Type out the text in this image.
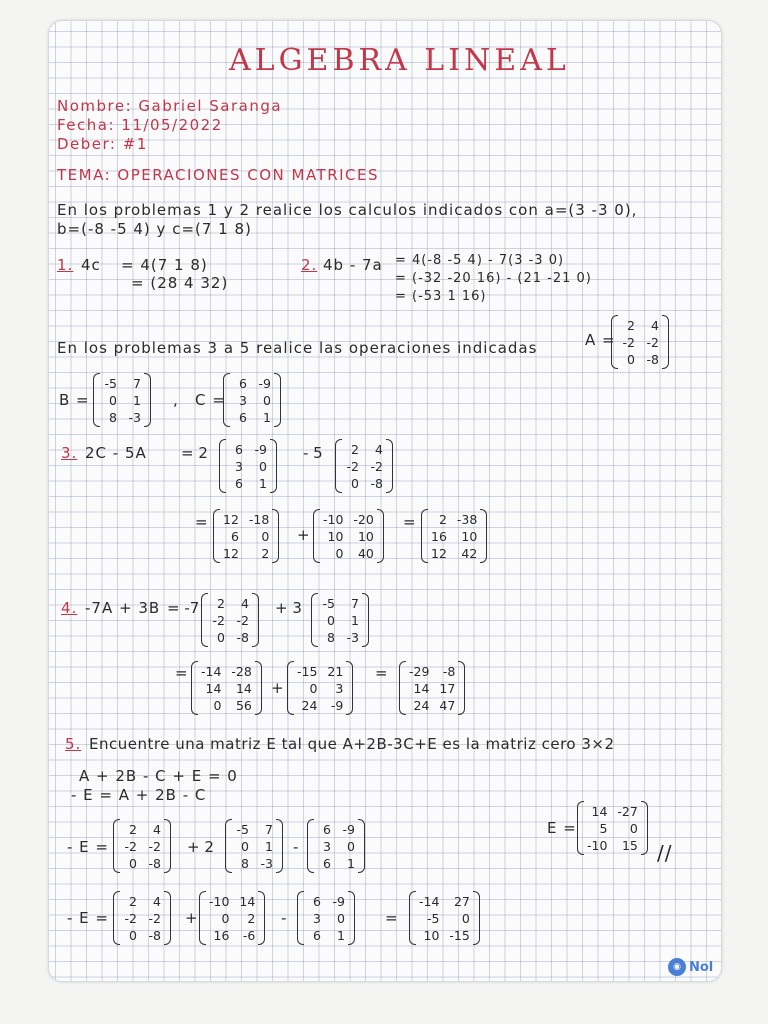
ALGEBRA LINEAL
Nombre: Gabriel Saranga
Fecha: 11/05/2022
Deber: #1
TEMA: OPERACIONES CON MATRICES
En los problemas 1 y 2 realice los calculos indicados con a=(3 -3 0),
b=(-8 -5 4) y c=(7 1 8)
1. 4c = 4(7 1 8)
= (28 4 32)
2. 4b - 7a = 4(-8 -5 4) - 7(3 -3 0)
= (-32 -20 16) - (21 -21 0)
= (-53 1 16)
En los problemas 3 a 5 realice las operaciones indicadas	A =
2	4
-2 -2
0 -8
B =
-5	7
0	1
8 -3
, C =
6 -9
3	0
6	1
3. 2C - 5A = 2	6 -9
3	0
6	1
- 5	2	4
-2 -2
0 -8
= 12 -18
6	0
12	2
+
-10 -20
10	10
0	40
=	2 -38
16	10
12	42
4. -7A + 3B = -7	2	4
-2 -2
0 -8
+ 3 -5	7
0	1
8 -3
= -14 -28
14	14
0	56
+
-15 21
0	3
24 -9
= -29 -8
14 17
24 47
5. Encuentre una matriz E tal que A+2B-3C+E es la matriz cero 3×2
A + 2B - C + E = 0
- E = A + 2B - C
- E =
2	4
-2 -2
0 -8
+ 2
-5	7
0	1
8 -3
-
6 -9
3	0
6	1
E =
14 -27
5	0
-10	15 //
- E =
2	4
-2 -2
0 -8
+
-10 14
0	2
16 -6
-
6 -9
3	0
6	1
=
-14	27
-5	0
10 -15
◉ Nol
